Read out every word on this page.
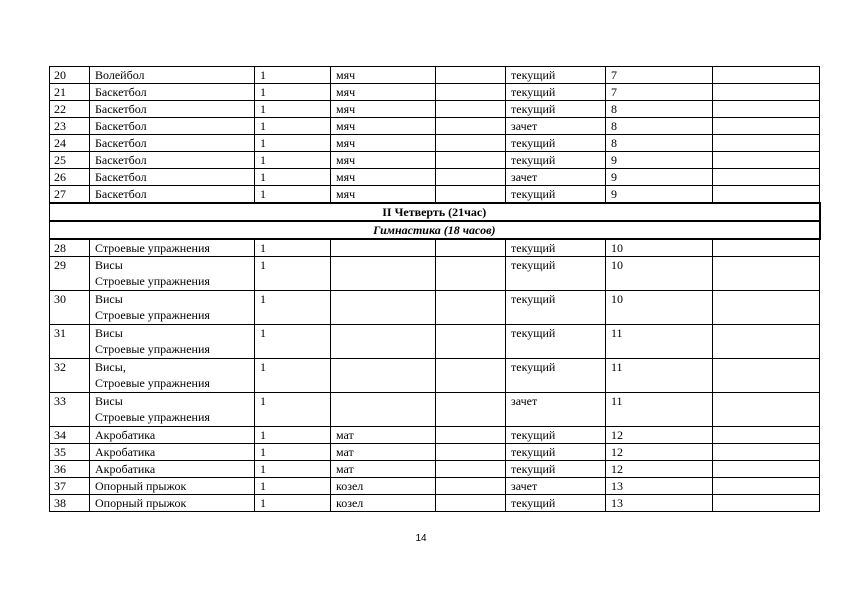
20	Волейбол	1	мяч		текущий	7	
21	Баскетбол	1	мяч		текущий	7	
22	Баскетбол	1	мяч		текущий	8	
23	Баскетбол	1	мяч		зачет	8	
24	Баскетбол	1	мяч		текущий	8	
25	Баскетбол	1	мяч		текущий	9	
26	Баскетбол	1	мяч		зачет	9	
27	Баскетбол	1	мяч		текущий	9	
II Четверть (21час)							
Гимнастика (18 часов)							
28	Строевые упражнения	1			текущий	10	
29	Висы
Строевые упражнения	1			текущий	10	
30	Висы
Строевые упражнения	1			текущий	10	
31	Висы
Строевые упражнения	1			текущий	11	
32	Висы,
Строевые упражнения	1			текущий	11	
33	Висы
Строевые упражнения	1			зачет	11	
34	Акробатика	1	мат		текущий	12	
35	Акробатика	1	мат		текущий	12	
36	Акробатика	1	мат		текущий	12	
37	Опорный прыжок	1	козел		зачет	13	
38	Опорный прыжок	1	козел		текущий	13	
14
